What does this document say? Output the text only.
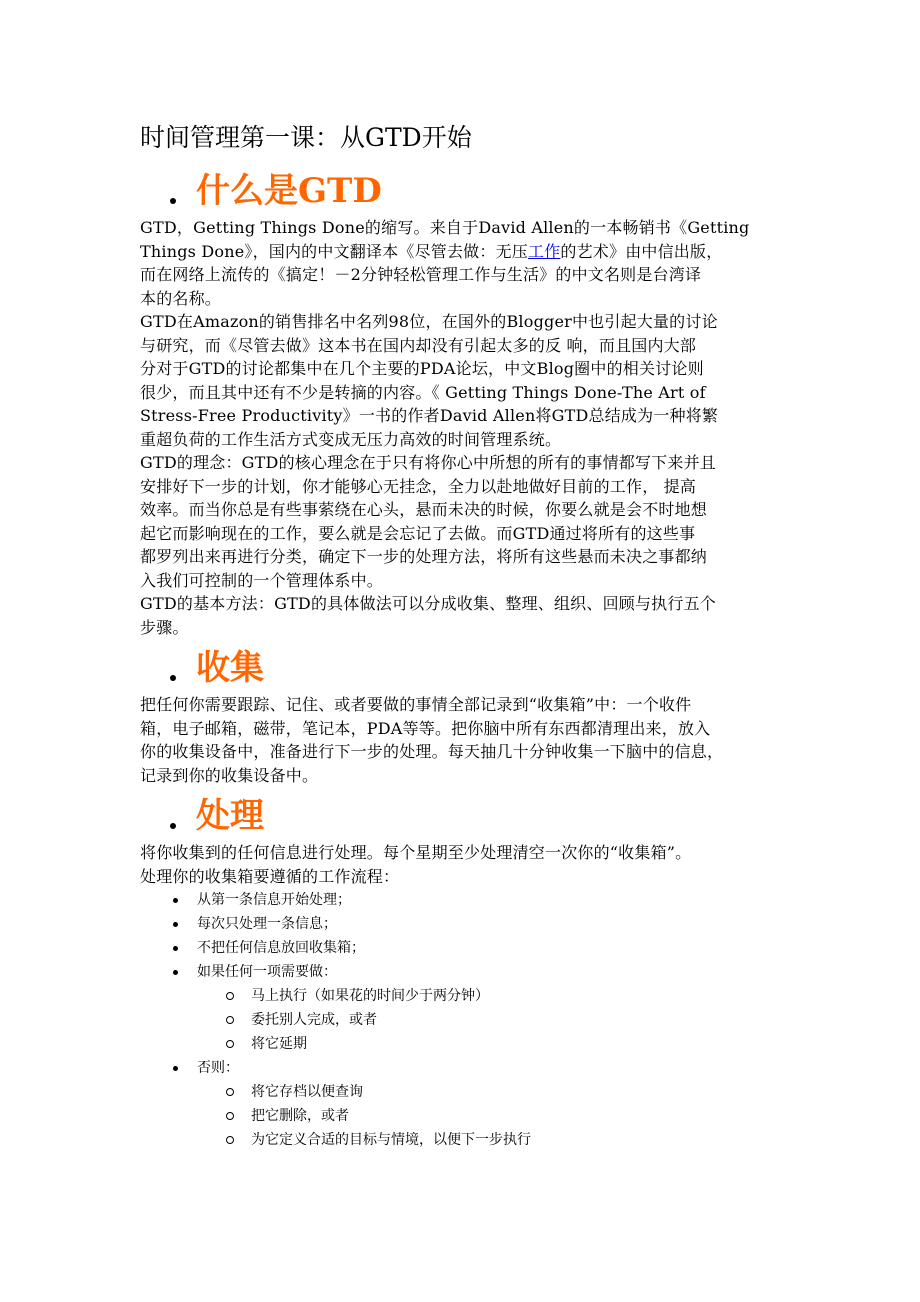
时间管理第一课：从GTD开始
什么是GTD
GTD，Getting Things Done的缩写。来自于David Allen的一本畅销书《Getting
Things Done》，国内的中文翻译本《尽管去做：无压工作的艺术》由中信出版，
而在网络上流传的《搞定！－2分钟轻松管理工作与生活》的中文名则是台湾译
本的名称。
GTD在Amazon的销售排名中名列98位，在国外的Blogger中也引起大量的讨论
与研究，而《尽管去做》这本书在国内却没有引起太多的反 响，而且国内大部
分对于GTD的讨论都集中在几个主要的PDA论坛，中文Blog圈中的相关讨论则
很少，而且其中还有不少是转摘的内容。《 Getting Things Done-The Art of
Stress-Free Productivity》一书的作者David Allen将GTD总结成为一种将繁
重超负荷的工作生活方式变成无压力高效的时间管理系统。
GTD的理念：GTD的核心理念在于只有将你心中所想的所有的事情都写下来并且
安排好下一步的计划，你才能够心无挂念，全力以赴地做好目前的工作， 提高
效率。而当你总是有些事萦绕在心头，悬而未决的时候，你要么就是会不时地想
起它而影响现在的工作，要么就是会忘记了去做。而GTD通过将所有的这些事
都罗列出来再进行分类，确定下一步的处理方法，将所有这些悬而未决之事都纳
入我们可控制的一个管理体系中。
GTD的基本方法：GTD的具体做法可以分成收集、整理、组织、回顾与执行五个
步骤。
收集
把任何你需要跟踪、记住、或者要做的事情全部记录到“收集箱”中：一个收件
箱，电子邮箱，磁带，笔记本，PDA等等。把你脑中所有东西都清理出来，放入
你的收集设备中，准备进行下一步的处理。每天抽几十分钟收集一下脑中的信息，
记录到你的收集设备中。
处理
将你收集到的任何信息进行处理。每个星期至少处理清空一次你的“收集箱”。
处理你的收集箱要遵循的工作流程：
从第一条信息开始处理；
每次只处理一条信息；
不把任何信息放回收集箱；
如果任何一项需要做：
马上执行（如果花的时间少于两分钟）
委托别人完成，或者
将它延期
否则：
将它存档以便查询
把它删除，或者
为它定义合适的目标与情境，以便下一步执行
